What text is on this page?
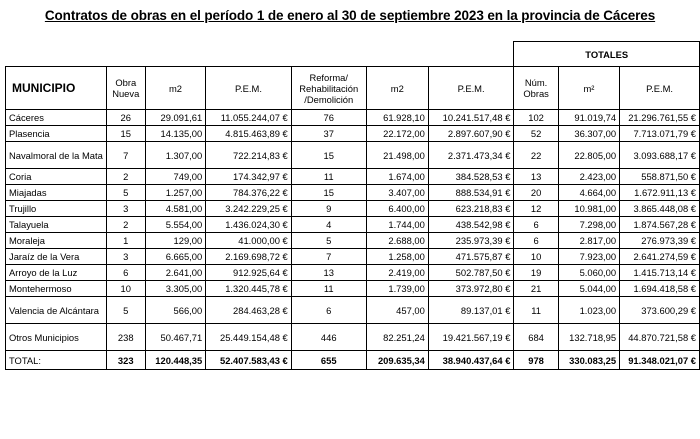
Contratos de obras en el período 1 de enero al 30 de septiembre 2023 en la provincia de Cáceres
							TOTALES		
MUNICIPIO	Obra Nueva	m2	P.E.M.	Reforma/ Rehabilitación /Demolición	m2	P.E.M.	Núm. Obras	m²	P.E.M.
Cáceres	26	29.091,61	11.055.244,07 €	76	61.928,10	10.241.517,48 €	102	91.019,74	21.296.761,55 €
Plasencia	15	14.135,00	4.815.463,89 €	37	22.172,00	2.897.607,90 €	52	36.307,00	7.713.071,79 €
Navalmoral de la Mata	7	1.307,00	722.214,83 €	15	21.498,00	2.371.473,34 €	22	22.805,00	3.093.688,17 €
Coria	2	749,00	174.342,97 €	11	1.674,00	384.528,53 €	13	2.423,00	558.871,50 €
Miajadas	5	1.257,00	784.376,22 €	15	3.407,00	888.534,91 €	20	4.664,00	1.672.911,13 €
Trujillo	3	4.581,00	3.242.229,25 €	9	6.400,00	623.218,83 €	12	10.981,00	3.865.448,08 €
Talayuela	2	5.554,00	1.436.024,30 €	4	1.744,00	438.542,98 €	6	7.298,00	1.874.567,28 €
Moraleja	1	129,00	41.000,00 €	5	2.688,00	235.973,39 €	6	2.817,00	276.973,39 €
Jaraíz de la Vera	3	6.665,00	2.169.698,72 €	7	1.258,00	471.575,87 €	10	7.923,00	2.641.274,59 €
Arroyo de la Luz	6	2.641,00	912.925,64 €	13	2.419,00	502.787,50 €	19	5.060,00	1.415.713,14 €
Montehermoso	10	3.305,00	1.320.445,78 €	11	1.739,00	373.972,80 €	21	5.044,00	1.694.418,58 €
Valencia de Alcántara	5	566,00	284.463,28 €	6	457,00	89.137,01 €	11	1.023,00	373.600,29 €
Otros Municipios	238	50.467,71	25.449.154,48 €	446	82.251,24	19.421.567,19 €	684	132.718,95	44.870.721,58 €
TOTAL:	323	120.448,35	52.407.583,43 €	655	209.635,34	38.940.437,64 €	978	330.083,25	91.348.021,07 €
